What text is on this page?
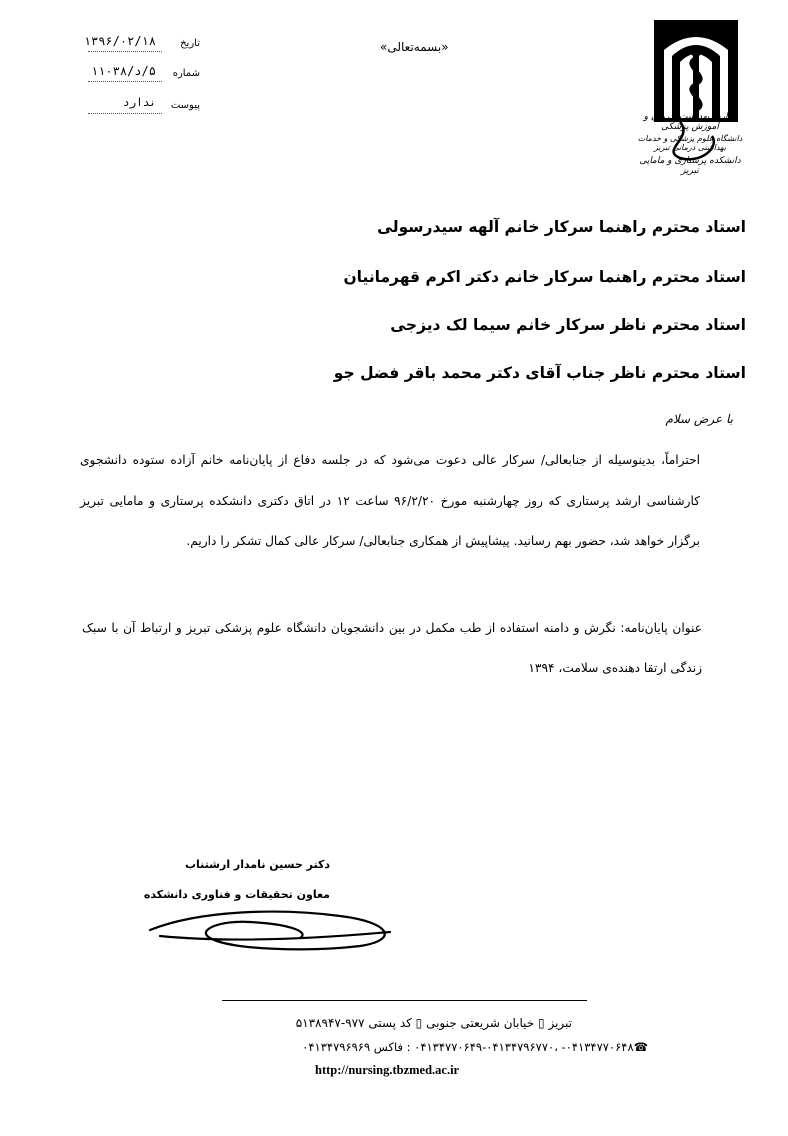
۱۳۹۶/۰۲/۱۸ تاریخ
۵/د/۱۱۰۳۸ شماره
ندارد پیوست
«بسمه‌تعالی»
وزارت بهداشت، درمان و آموزش پزشکی
دانشگاه علوم پزشکی و خدمات بهداشتی درمانی تبریز
دانشکده پرستاری و مامایی تبریز
استاد محترم راهنما سرکار خانم آلهه سیدرسولی
استاد محترم راهنما سرکار خانم دکتر اکرم قهرمانیان
استاد محترم ناظر سرکار خانم سیما لک دیزجی
استاد محترم ناظر جناب آقای دکتر محمد باقر فضل جو
با عرض سلام
احتراماً، بدینوسیله از جنابعالی/ سرکار عالی دعوت می‌شود که در جلسه دفاع از پایان‌نامه خانم آزاده ستوده دانشجوی کارشناسی ارشد پرستاری که روز چهارشنبه مورخ ۹۶/۲/۲۰ ساعت ۱۲ در اتاق دکتری دانشکده پرستاری و مامایی تبریز برگزار خواهد شد، حضور بهم رسانید. پیشاپیش از همکاری جنابعالی/ سرکار عالی کمال تشکر را داریم.
عنوان پایان‌نامه: نگرش و دامنه استفاده از طب مکمل در بین دانشجویان دانشگاه علوم پزشکی تبریز و ارتباط آن با سبک زندگی ارتقا دهنده‌ی سلامت، ۱۳۹۴
دکتر حسین نامدار ارشتناب
معاون تحقیقات و فناوری دانشکده
تبریز ▯ خیابان شریعتی جنوبی ▯ کد پستی ۹۷۷-۵۱۳۸۹۴۷
☎۰۴۱۳۴۷۷۰۶۴۸- ،۰۴۱۳۴۷۷۰۶۴۹-۰۴۱۳۴۷۹۶۷۷۰ : فاکس ۰۴۱۳۴۷۹۶۹۶۹
http://nursing.tbzmed.ac.ir
